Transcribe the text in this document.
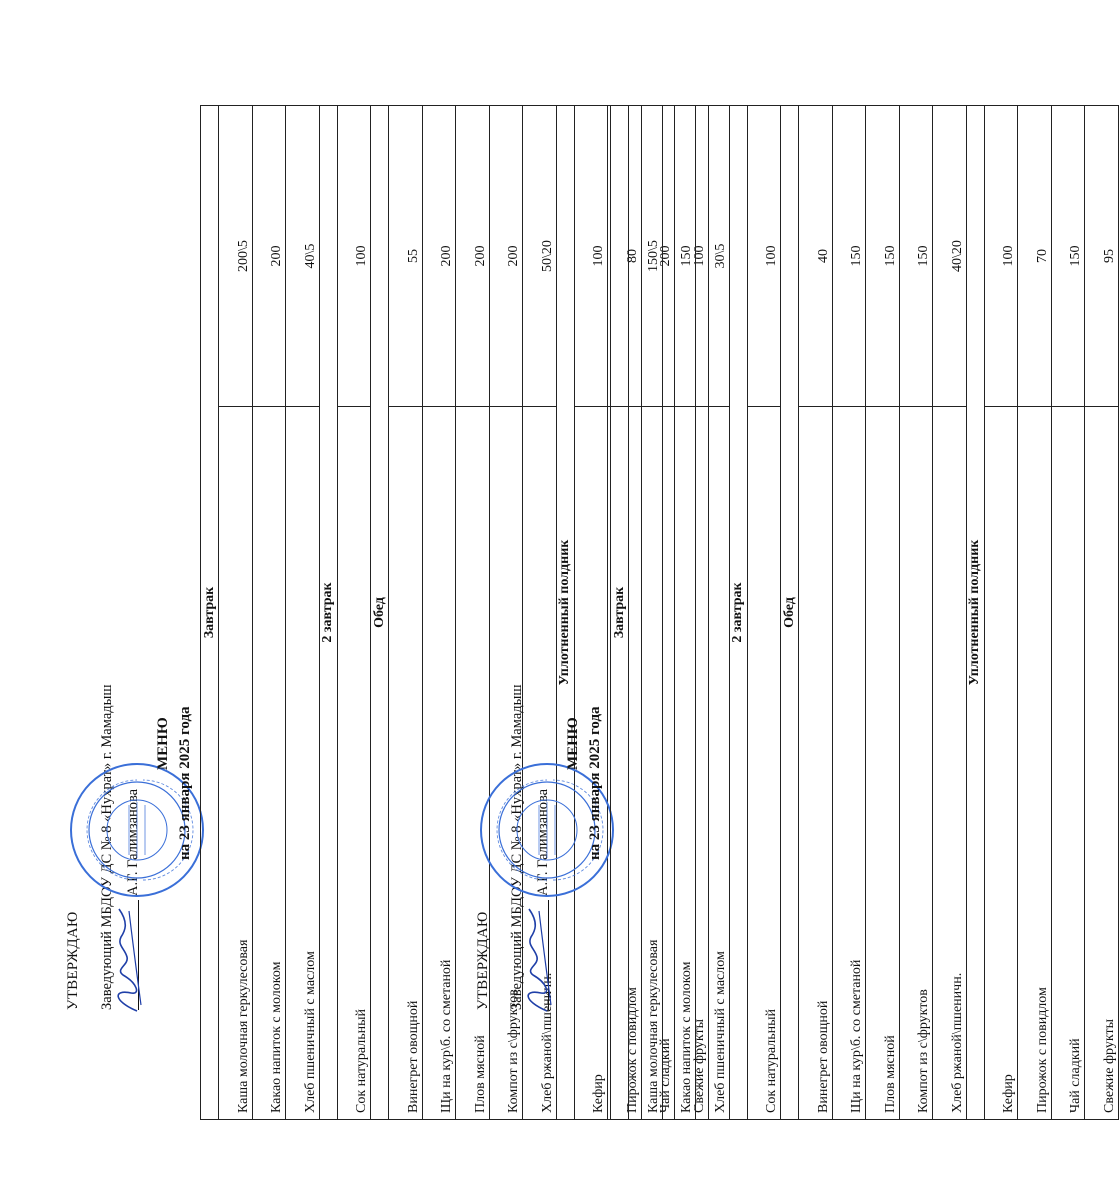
УТВЕРЖДАЮ Заведующий МБДОУ ДС № 8 «Нухрат» г. Мамадыш А.Г. Галимзанова
МЕНЮ на 23 января 2025 года
Завтрак	
Каша молочная геркулесовая	200\5
Какао напиток с молоком	200
Хлеб пшеничный с маслом	40\5
2 завтрак	
Сок натуральный	100
Обед	
Винегрет овощной	55
Щи на кур\б. со сметаной	200
Плов мясной	200
Компот из с\фруктов	200
Хлеб ржаной\пшеничн.	50\20
Уплотненный полдник	
Кефир	100
Пирожок с повидлом	80
Чай сладкий	200
Свежие фрукты	100
УТВЕРЖДАЮ Заведующий МБДОУ ДС № 8 «Нухрат» г. Мамадыш А.Г. Галимзанова
МЕНЮ на 23 января 2025 года
Завтрак	
Каша молочная геркулесовая	150\5
Какао напиток с молоком	150
Хлеб пшеничный с маслом	30\5
2 завтрак	
Сок натуральный	100
Обед	
Винегрет овощной	40
Щи на кур\б. со сметаной	150
Плов мясной	150
Компот из с\фруктов	150
Хлеб ржаной\пшеничн.	40\20
Уплотненный полдник	
Кефир	100
Пирожок с повидлом	70
Чай сладкий	150
Свежие фрукты	95
